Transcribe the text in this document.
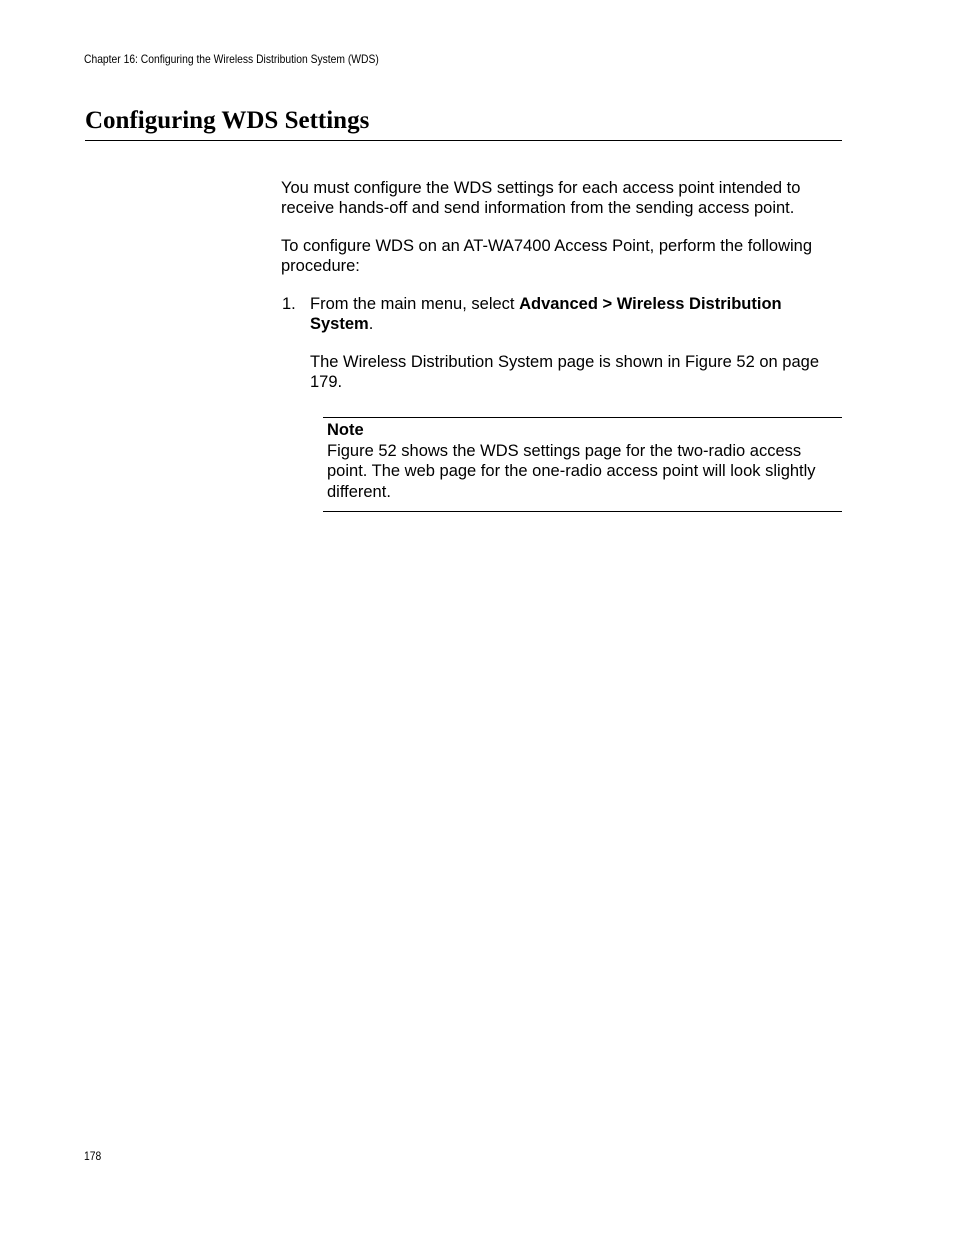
Chapter 16: Configuring the Wireless Distribution System (WDS)
Configuring WDS Settings

You must configure the WDS settings for each access point intended to receive hands-off and send information from the sending access point.

To configure WDS on an AT-WA7400 Access Point, perform the following procedure:

1. From the main menu, select Advanced > Wireless Distribution System.

The Wireless Distribution System page is shown in Figure 52 on page 179.

Note

Figure 52 shows the WDS settings page for the two-radio access point. The web page for the one-radio access point will look slightly different.

178
